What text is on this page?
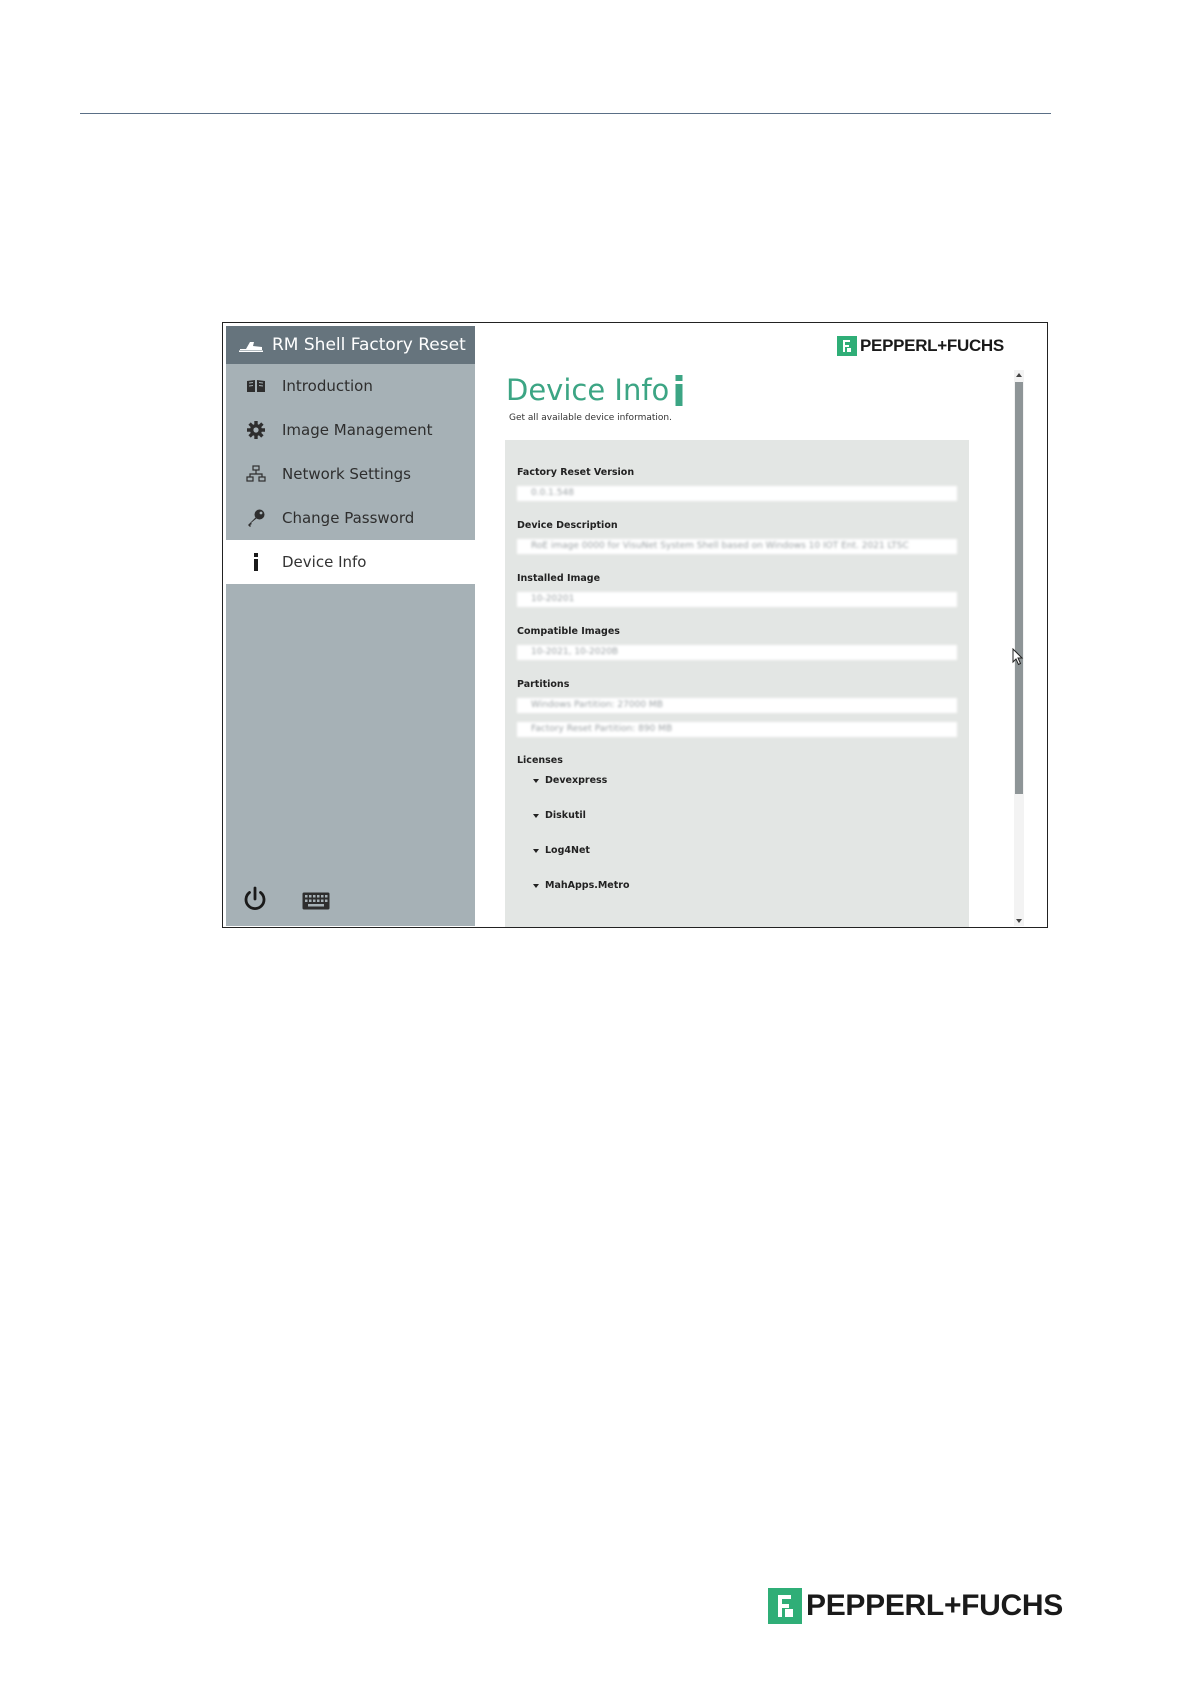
RM Shell Factory Reset
Introduction
Image Management
Network Settings
Change Password
Device Info
PEPPERL+FUCHS
Device Info
Get all available device information.
Factory Reset Version
0.0.1.548
Device Description
RoE image 0000 for VisuNet System Shell based on Windows 10 IOT Ent. 2021 LTSC
Installed Image
10-20201
Compatible Images
10-2021, 10-2020B
Partitions
Windows Partition: 27000 MB
Factory Reset Partition: 890 MB
Licenses
Devexpress
Diskutil
Log4Net
MahApps.Metro
PEPPERL+FUCHS
